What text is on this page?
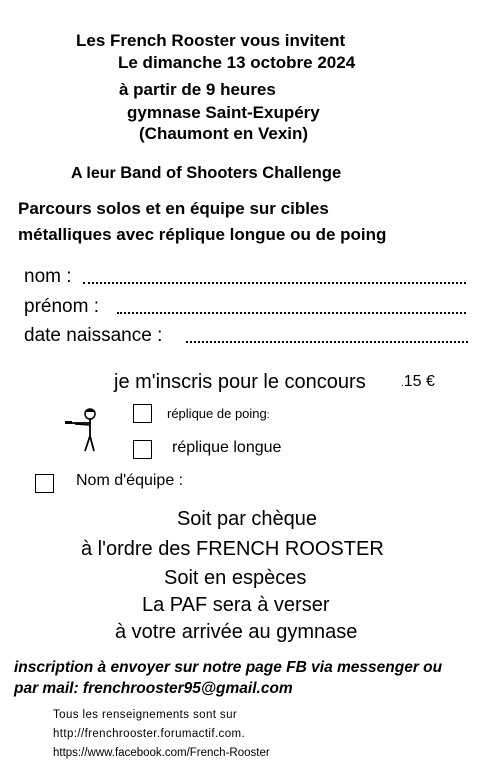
Les French Rooster vous invitent
Le dimanche 13 octobre 2024
à partir de 9 heures
gymnase Saint-Exupéry
(Chaumont en Vexin)
A leur Band of Shooters Challenge
Parcours solos et en équipe sur cibles
métalliques avec réplique longue ou de poing
nom :
prénom :
date naissance :
je m'inscris pour le concours	.15 €
réplique de poing:
réplique longue
Nom d'équipe :
Soit par chèque
à l'ordre des FRENCH ROOSTER
Soit en espèces
La PAF sera à verser
à votre arrivée au gymnase
inscription à envoyer sur notre page FB via messenger ou
par mail: frenchrooster95@gmail.com
Tous les renseignements sont sur
http://frenchrooster.forumactif.com.
https://www.facebook.com/French-Rooster
